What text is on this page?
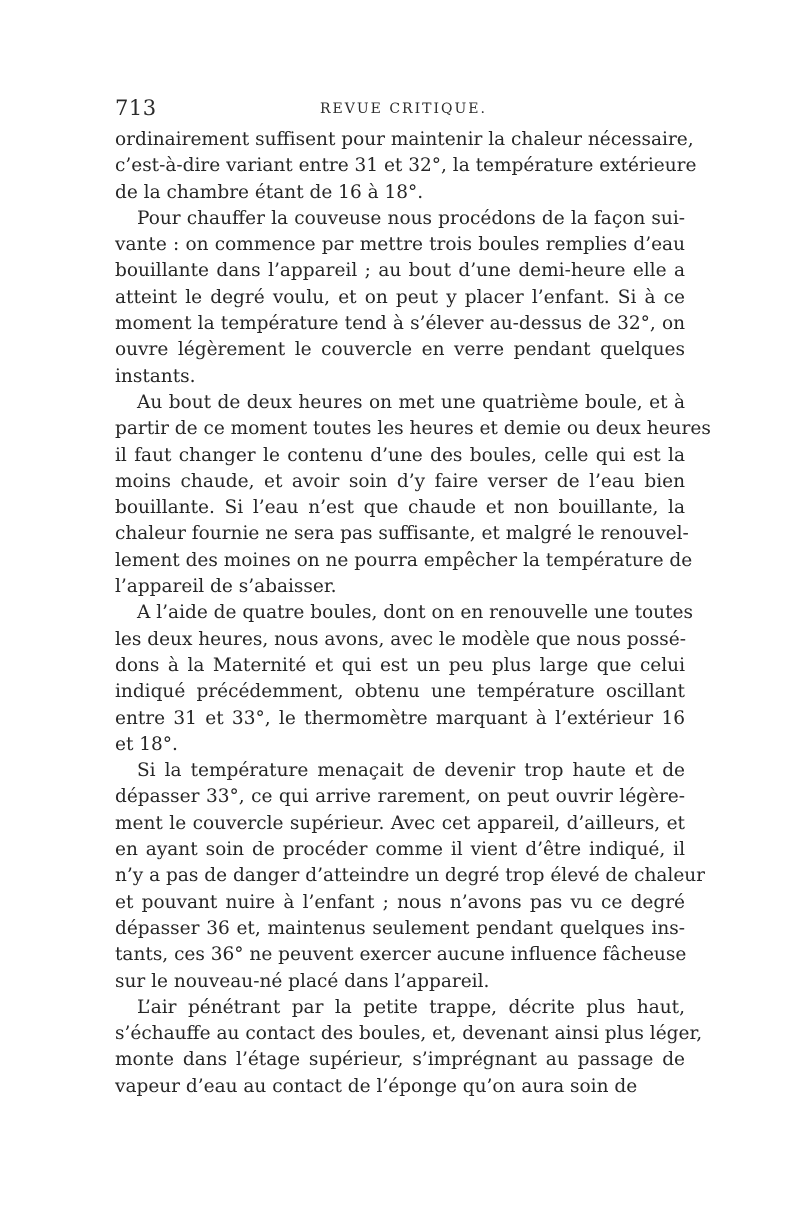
713	REVUE CRITIQUE.

ordinairement suffisent pour maintenir la chaleur nécessaire,
c’est-à-dire variant entre 31 et 32°, la température extérieure
de la chambre étant de 16 à 18°.

Pour chauffer la couveuse nous procédons de la façon sui-
vante : on commence par mettre trois boules remplies d’eau
bouillante dans l’appareil ; au bout d’une demi-heure elle a
atteint le degré voulu, et on peut y placer l’enfant. Si à ce
moment la température tend à s’élever au-dessus de 32°, on
ouvre légèrement le couvercle en verre pendant quelques
instants.

Au bout de deux heures on met une quatrième boule, et à
partir de ce moment toutes les heures et demie ou deux heures
il faut changer le contenu d’une des boules, celle qui est la
moins chaude, et avoir soin d’y faire verser de l’eau bien
bouillante. Si l’eau n’est que chaude et non bouillante, la
chaleur fournie ne sera pas suffisante, et malgré le renouvel-
lement des moines on ne pourra empêcher la température de
l’appareil de s’abaisser.

A l’aide de quatre boules, dont on en renouvelle une toutes
les deux heures, nous avons, avec le modèle que nous possé-
dons à la Maternité et qui est un peu plus large que celui
indiqué précédemment, obtenu une température oscillant
entre 31 et 33°, le thermomètre marquant à l’extérieur 16
et 18°.

Si la température menaçait de devenir trop haute et de
dépasser 33°, ce qui arrive rarement, on peut ouvrir légère-
ment le couvercle supérieur. Avec cet appareil, d’ailleurs, et
en ayant soin de procéder comme il vient d’être indiqué, il
n’y a pas de danger d’atteindre un degré trop élevé de chaleur
et pouvant nuire à l’enfant ; nous n’avons pas vu ce degré
dépasser 36 et, maintenus seulement pendant quelques ins-
tants, ces 36° ne peuvent exercer aucune influence fâcheuse
sur le nouveau-né placé dans l’appareil.

L’air pénétrant par la petite trappe, décrite plus haut,
s’échauffe au contact des boules, et, devenant ainsi plus léger,
monte dans l’étage supérieur, s’imprégnant au passage de
vapeur d’eau au contact de l’éponge qu’on aura soin de
